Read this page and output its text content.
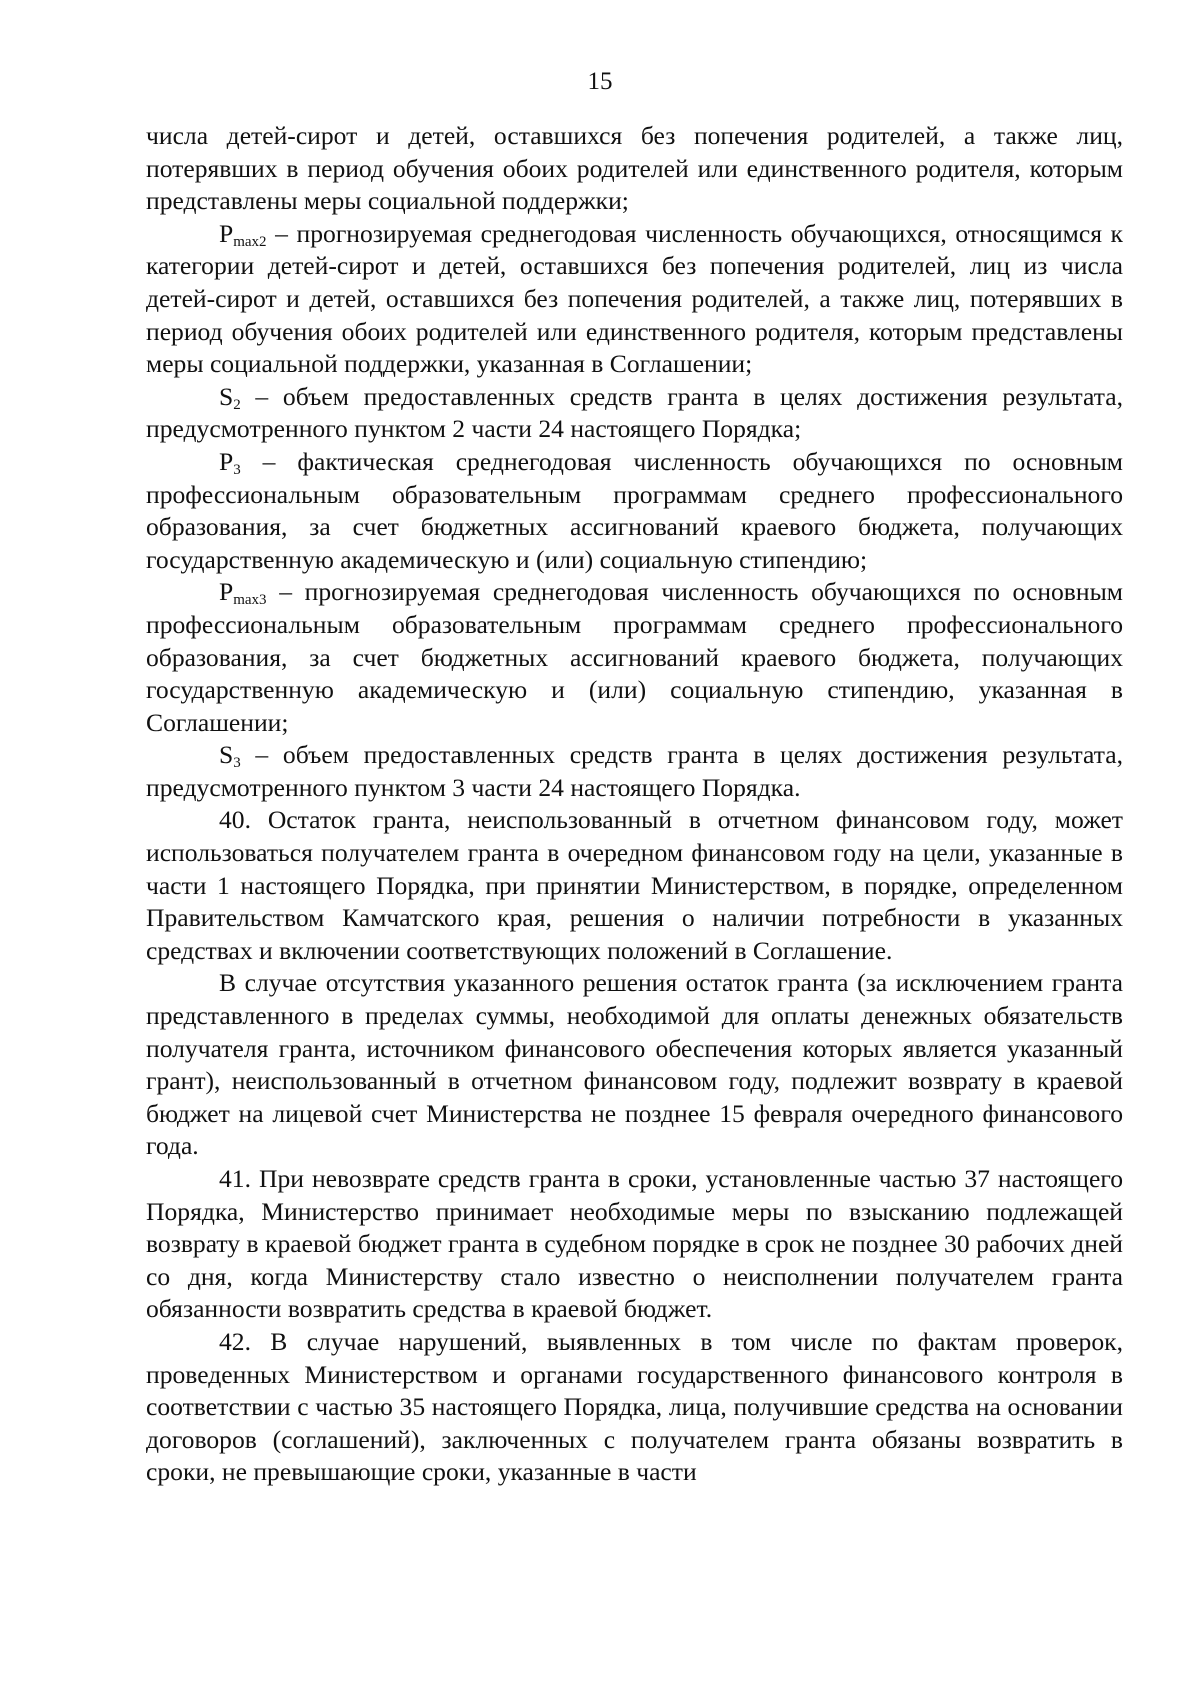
15

числа детей-сирот и детей, оставшихся без попечения родителей, а также лиц, потерявших в период обучения обоих родителей или единственного родителя, которым представлены меры социальной поддержки;

$P_{max2}$ – прогнозируемая среднегодовая численность обучающихся, относящимся к категории детей-сирот и детей, оставшихся без попечения родителей, лиц из числа детей-сирот и детей, оставшихся без попечения родителей, а также лиц, потерявших в период обучения обоих родителей или единственного родителя, которым представлены меры социальной поддержки, указанная в Соглашении;

$S_2$ – объем предоставленных средств гранта в целях достижения результата, предусмотренного пунктом 2 части 24 настоящего Порядка;

$P_3$ – фактическая среднегодовая численность обучающихся по основным профессиональным образовательным программам среднего профессионального образования, за счет бюджетных ассигнований краевого бюджета, получающих государственную академическую и (или) социальную стипендию;

$P_{max3}$ – прогнозируемая среднегодовая численность обучающихся по основным профессиональным образовательным программам среднего профессионального образования, за счет бюджетных ассигнований краевого бюджета, получающих государственную академическую и (или) социальную стипендию, указанная в Соглашении;

$S_3$ – объем предоставленных средств гранта в целях достижения результата, предусмотренного пунктом 3 части 24 настоящего Порядка.

40. Остаток гранта, неиспользованный в отчетном финансовом году, может использоваться получателем гранта в очередном финансовом году на цели, указанные в части 1 настоящего Порядка, при принятии Министерством, в порядке, определенном Правительством Камчатского края, решения о наличии потребности в указанных средствах и включении соответствующих положений в Соглашение.

В случае отсутствия указанного решения остаток гранта (за исключением гранта представленного в пределах суммы, необходимой для оплаты денежных обязательств получателя гранта, источником финансового обеспечения которых является указанный грант), неиспользованный в отчетном финансовом году, подлежит возврату в краевой бюджет на лицевой счет Министерства не позднее 15 февраля очередного финансового года.

41. При невозврате средств гранта в сроки, установленные частью 37 настоящего Порядка, Министерство принимает необходимые меры по взысканию подлежащей возврату в краевой бюджет гранта в судебном порядке в срок не позднее 30 рабочих дней со дня, когда Министерству стало известно о неисполнении получателем гранта обязанности возвратить средства в краевой бюджет.

42. В случае нарушений, выявленных в том числе по фактам проверок, проведенных Министерством и органами государственного финансового контроля в соответствии с частью 35 настоящего Порядка, лица, получившие средства на основании договоров (соглашений), заключенных с получателем гранта обязаны возвратить в сроки, не превышающие сроки, указанные в части
